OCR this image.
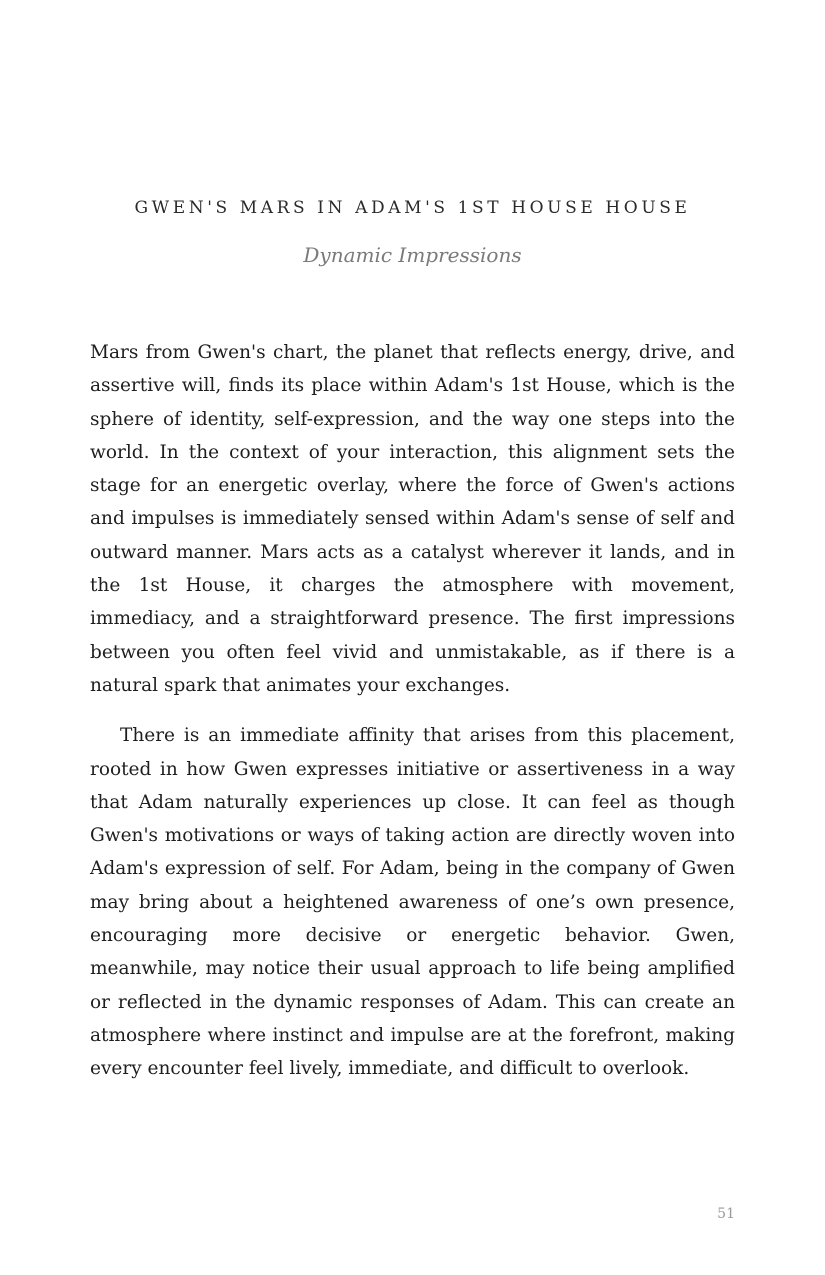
GWEN'S MARS IN ADAM'S 1ST HOUSE HOUSE
Dynamic Impressions

Mars from Gwen's chart, the planet that reflects energy, drive, and assertive will, finds its place within Adam's 1st House, which is the sphere of identity, self-expression, and the way one steps into the world. In the context of your interaction, this alignment sets the stage for an energetic overlay, where the force of Gwen's actions and impulses is immediately sensed within Adam's sense of self and outward manner. Mars acts as a catalyst wherever it lands, and in the 1st House, it charges the atmosphere with movement, immediacy, and a straightforward presence. The first impressions between you often feel vivid and unmistakable, as if there is a natural spark that animates your exchanges.

There is an immediate affinity that arises from this placement, rooted in how Gwen expresses initiative or assertiveness in a way that Adam naturally experiences up close. It can feel as though Gwen's motivations or ways of taking action are directly woven into Adam's expression of self. For Adam, being in the company of Gwen may bring about a heightened awareness of one’s own presence, encouraging more decisive or energetic behavior. Gwen, meanwhile, may notice their usual approach to life being amplified or reflected in the dynamic responses of Adam. This can create an atmosphere where instinct and impulse are at the forefront, making every encounter feel lively, immediate, and difficult to overlook.

51
